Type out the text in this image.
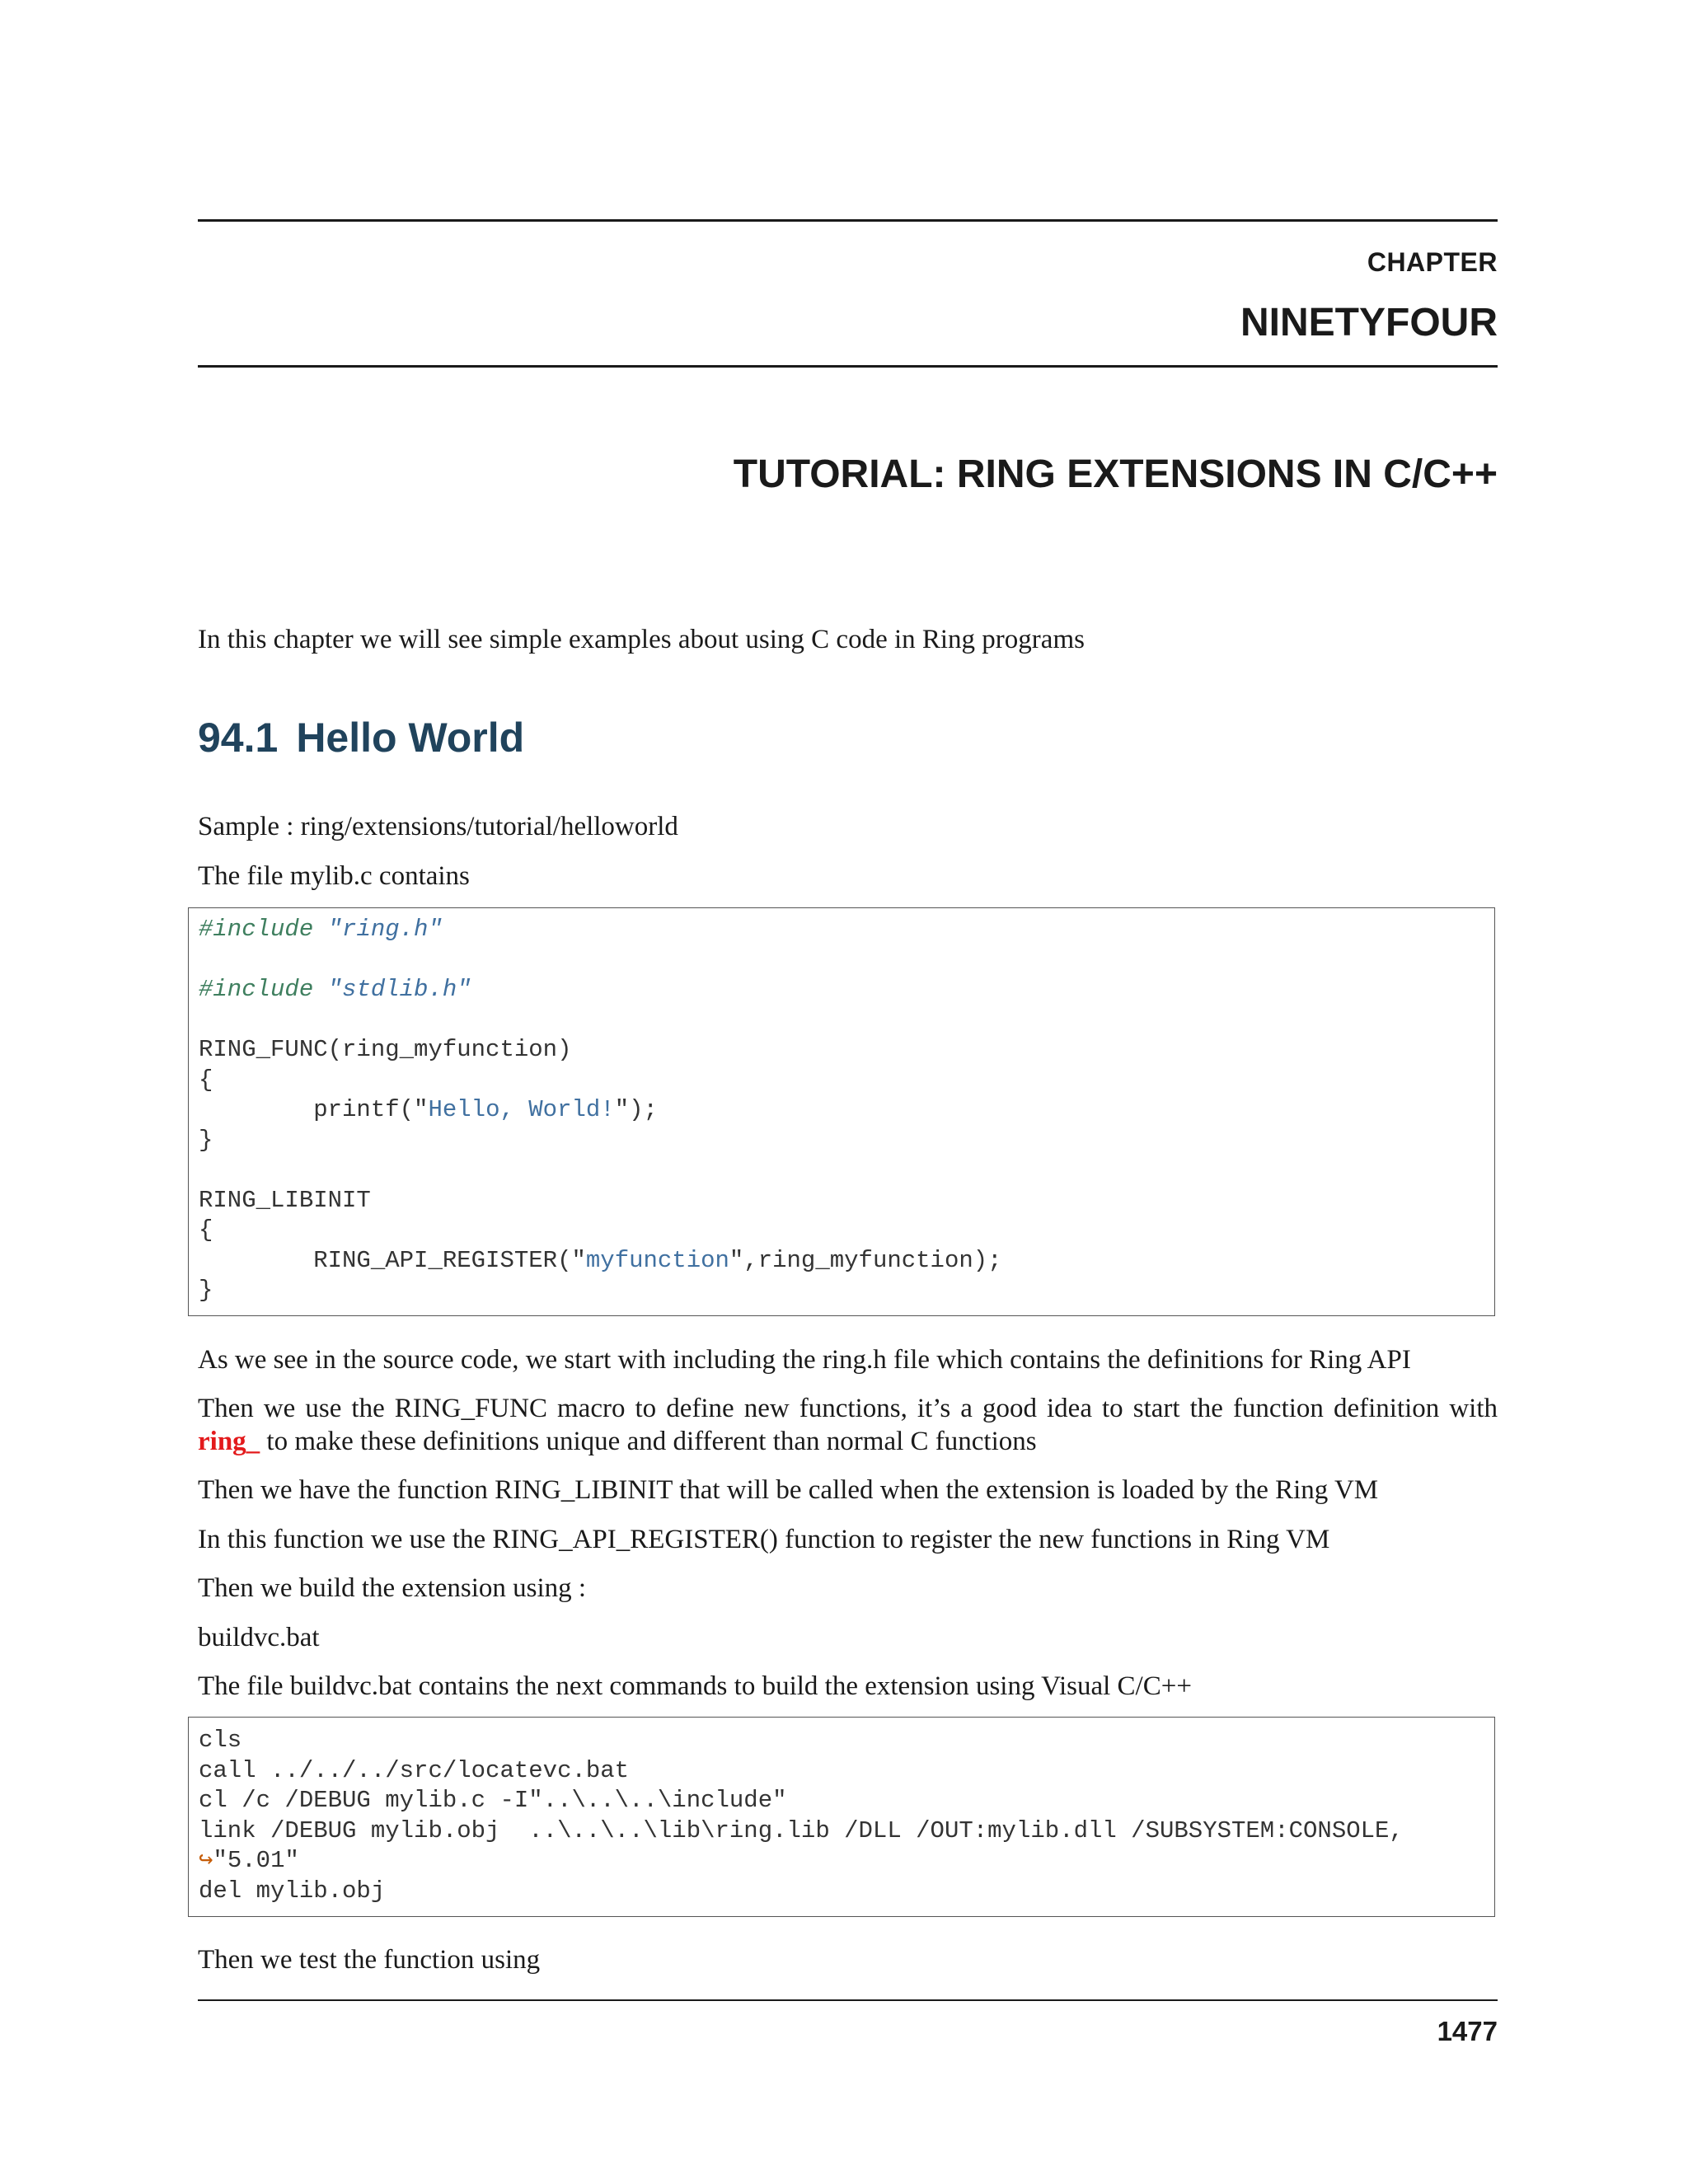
CHAPTER
NINETYFOUR
TUTORIAL: RING EXTENSIONS IN C/C++

In this chapter we will see simple examples about using C code in Ring programs

94.1 Hello World

Sample : ring/extensions/tutorial/helloworld

The file mylib.c contains

#include "ring.h"

#include "stdlib.h"

RING_FUNC(ring_myfunction)
{
printf("Hello, World!");
}

RING_LIBINIT
{
RING_API_REGISTER("myfunction",ring_myfunction);
}

As we see in the source code, we start with including the ring.h file which contains the definitions for Ring API

Then we use the RING_FUNC macro to define new functions, it’s a good idea to start the function definition with ring_ to make these definitions unique and different than normal C functions

Then we have the function RING_LIBINIT that will be called when the extension is loaded by the Ring VM

In this function we use the RING_API_REGISTER() function to register the new functions in Ring VM

Then we build the extension using :

buildvc.bat

The file buildvc.bat contains the next commands to build the extension using Visual C/C++

cls
call ../../../src/locatevc.bat
cl /c /DEBUG mylib.c -I"..\..\..\include"
link /DEBUG mylib.obj  ..\..\..\lib\ring.lib /DLL /OUT:mylib.dll /SUBSYSTEM:CONSOLE,
↪"5.01"
del mylib.obj

Then we test the function using

1477
